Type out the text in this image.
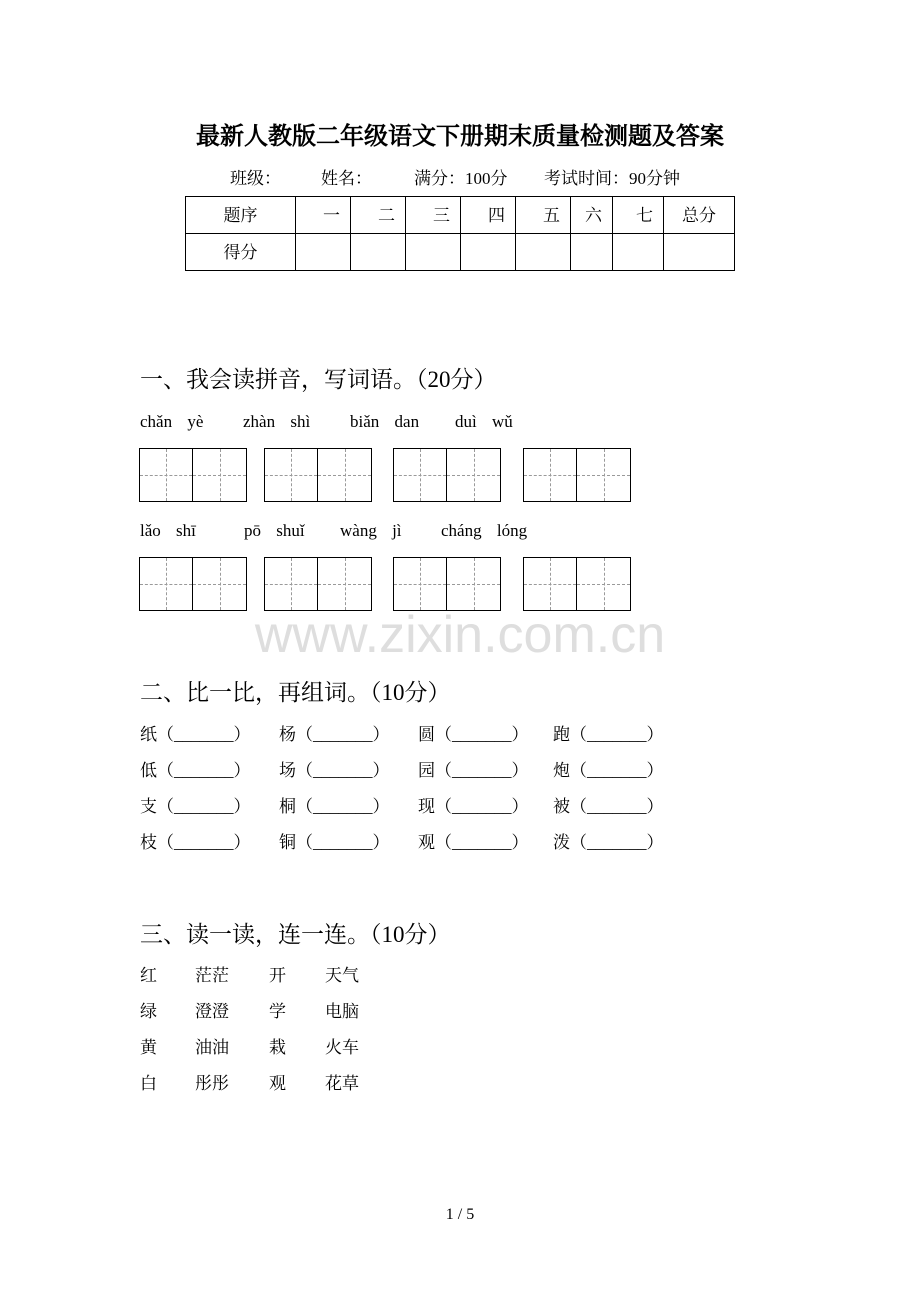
最新人教版二年级语文下册期末质量检测题及答案
班级： 姓名： 满分：100分 考试时间：90分钟
题序	一	二	三	四	五	六	七	总分
得分								
一、我会读拼音，写词语。（20分）
chǎn yè zhàn shì biǎn dan duì wǔ
lǎo shī	pō shuǐ wàng jì cháng lóng
www.zixin.com.cn
二、比一比，再组词。（10分）
纸（_______）	杨（_______）	圆（_______）	跑（_______）
低（_______）	场（_______）	园（_______）	炮（_______）
支（_______）	桐（_______）	现（_______）	被（_______）
枝（_______）	铜（_______）	观（_______）	泼（_______）
三、读一读，连一连。（10分）
红	茫茫	开	天气
绿	澄澄	学	电脑
黄	油油	栽	火车
白	彤彤	观	花草
1 / 5
